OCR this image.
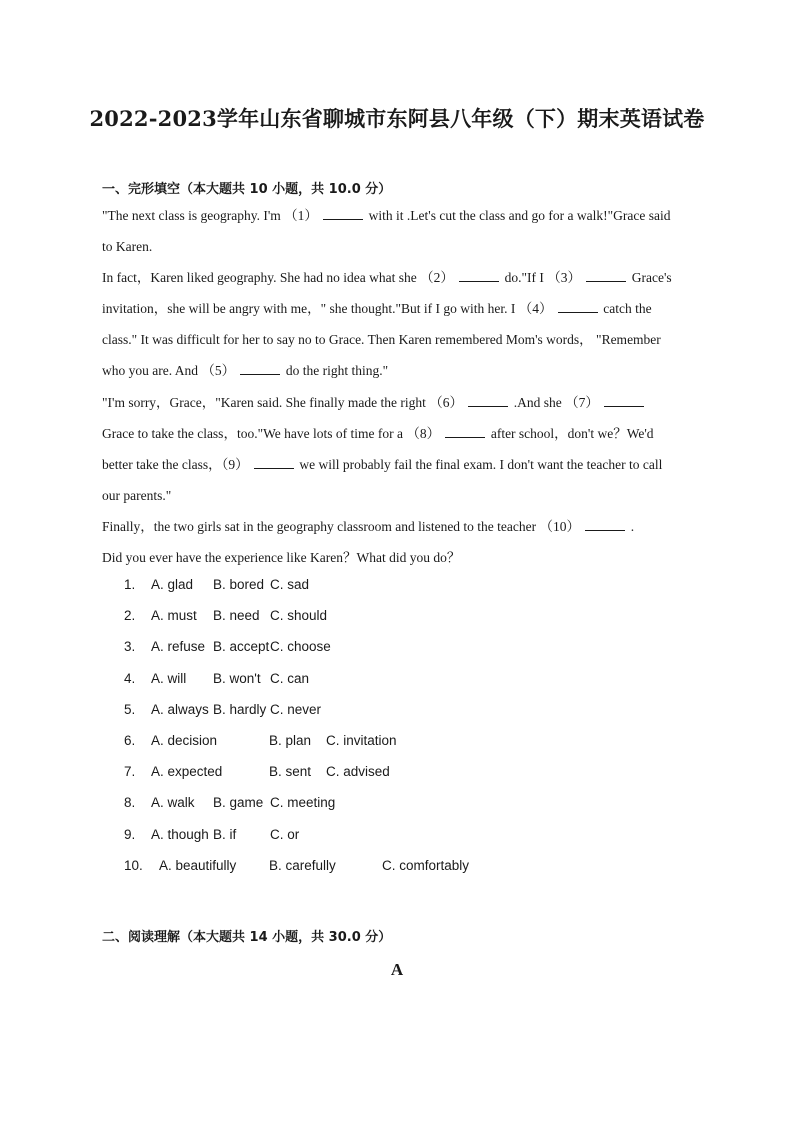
2022-2023学年山东省聊城市东阿县八年级（下）期末英语试卷
一、完形填空（本大题共 10 小题，共 10.0 分）
"The next class is geography. I'm （1）	with it .Let's cut the class and go for a walk!"Grace said
to Karen.
In fact，Karen liked geography. She had no idea what she （2）	do."If I （3）	Grace's
invitation，she will be angry with me，" she thought."But if I go with her. I （4）	catch the
class." It was difficult for her to say no to Grace. Then Karen remembered Mom's words， "Remember
who you are. And （5）	do the right thing."
"I'm sorry，Grace，"Karen said. She finally made the right （6）	.And she （7）
Grace to take the class，too."We have lots of time for a （8）	after school，don't we？We'd
better take the class，（9）	we will probably fail the final exam. I don't want the teacher to call
our parents."
Finally，the two girls sat in the geography classroom and listened to the teacher （10）	.
Did you ever have the experience like Karen？What did you do？
1. A. glad B. bored C. sad
2. A. must B. need C. should
3. A. refuse B. accept C. choose
4. A. will B. won't C. can
5. A. always B. hardly C. never
6. A. decision	B. plan C. invitation
7. A. expected	B. sent C. advised
8. A. walk B. game C. meeting
9. A. though B. if C. or
10. A. beautifully B. carefully	C. comfortably
二、阅读理解（本大题共 14 小题，共 30.0 分）
A
